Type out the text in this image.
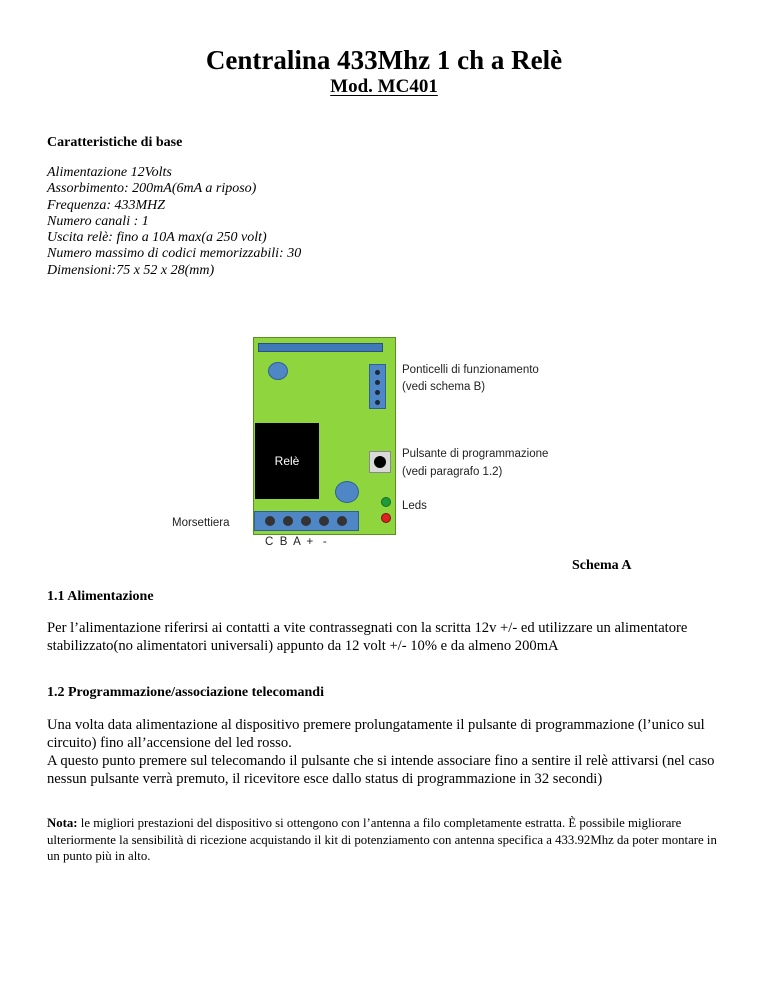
Centralina 433Mhz 1 ch a Relè
Mod. MC401
Caratteristiche di base
Alimentazione 12Volts
Assorbimento: 200mA(6mA a riposo)
Frequenza: 433MHZ
Numero canali : 1
Uscita relè: fino a 10A max(a 250 volt)
Numero massimo di codici memorizzabili: 30
Dimensioni:75 x 52 x 28(mm)
Relè

Ponticelli di funzionamento

(vedi schema B)

Pulsante di programmazione

(vedi paragrafo 1.2)

Leds

Morsettiera

C  B  A  +   -

Schema A

1.1 Alimentazione

Per l’alimentazione riferirsi ai contatti a vite contrassegnati con la scritta 12v +/- ed utilizzare un alimentatore stabilizzato(no alimentatori universali) appunto da 12 volt +/- 10% e da almeno 200mA

1.2 Programmazione/associazione telecomandi

Una volta data alimentazione al dispositivo premere prolungatamente il pulsante di programmazione (l’unico sul circuito) fino all’accensione del led rosso.

A questo punto premere sul telecomando il pulsante che si intende associare fino a sentire il relè attivarsi (nel caso nessun pulsante verrà premuto, il ricevitore esce dallo status di programmazione in 32 secondi)

Nota: le migliori prestazioni del dispositivo si ottengono con l’antenna a filo completamente estratta. È possibile migliorare ulteriormente la sensibilità di ricezione acquistando il kit di potenziamento con antenna specifica a 433.92Mhz da poter montare in un punto più in alto.
